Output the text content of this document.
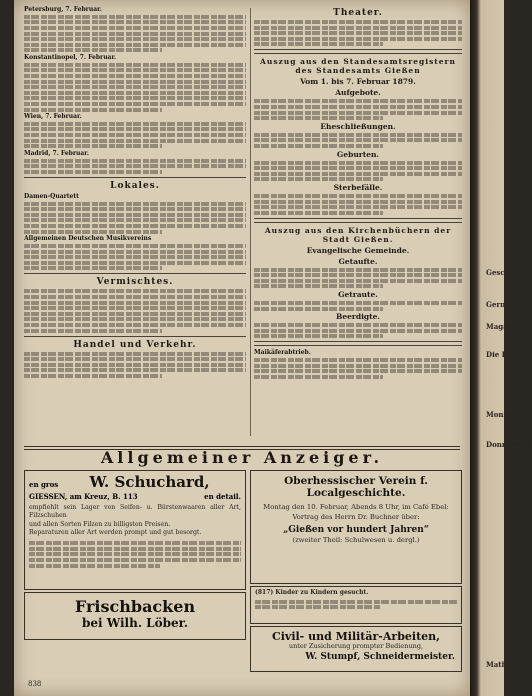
Petersburg, 7. Februar.
Konstantinopel, 7. Februar.
Wien, 7. Februar.
Madrid, 7. Februar.
Lokales.
Damen-Quartett
Allgemeinen Deutschen Musikvereins
Vermischtes.
Handel und Verkehr.
Theater.
Auszug aus den Standesamtsregistern des Standesamts Gießen
Vom 1. bis 7. Februar 1879.
Aufgebote.
Eheschließungen.
Geburten.
Sterbefälle.
Auszug aus den Kirchenbüchern der Stadt Gießen.
Evangelische Gemeinde.
Getaufte.
Getraute.
Beerdigte.
Maikäferabtrieb.
Allgemeiner Anzeiger.
en gros W. Schuchard,
GIESSEN, am Kreuz, B. 113	en detail.
empfiehlt sein Lager von Seifen- u. Bürstenwaaren aller Art, Filzschuhen
und allen Sorten Filzen zu billigsten Preisen.
Reparaturen aller Art werden prompt und gut besorgt.
Frischbacken
bei Wilh. Löber.
Oberhessischer Verein f. Localgeschichte.
Montag den 10. Februar, Abends 8 Uhr, im Café Ebel:
Vortrag des Herrn Dr. Buchner über:
„Gießen vor hundert Jahren“
(zweiter Theil: Schulwesen u. dergl.)
(817) Kinder zu Kindern gesucht.
Civil- und Militär-Arbeiten,
unter Zusicherung prompter Bedienung,
W. Stumpf, Schneidermeister.
838
Geschäft
Gernunn
Magazin
Die Hol
Moning
Donnerstag
Mathe
